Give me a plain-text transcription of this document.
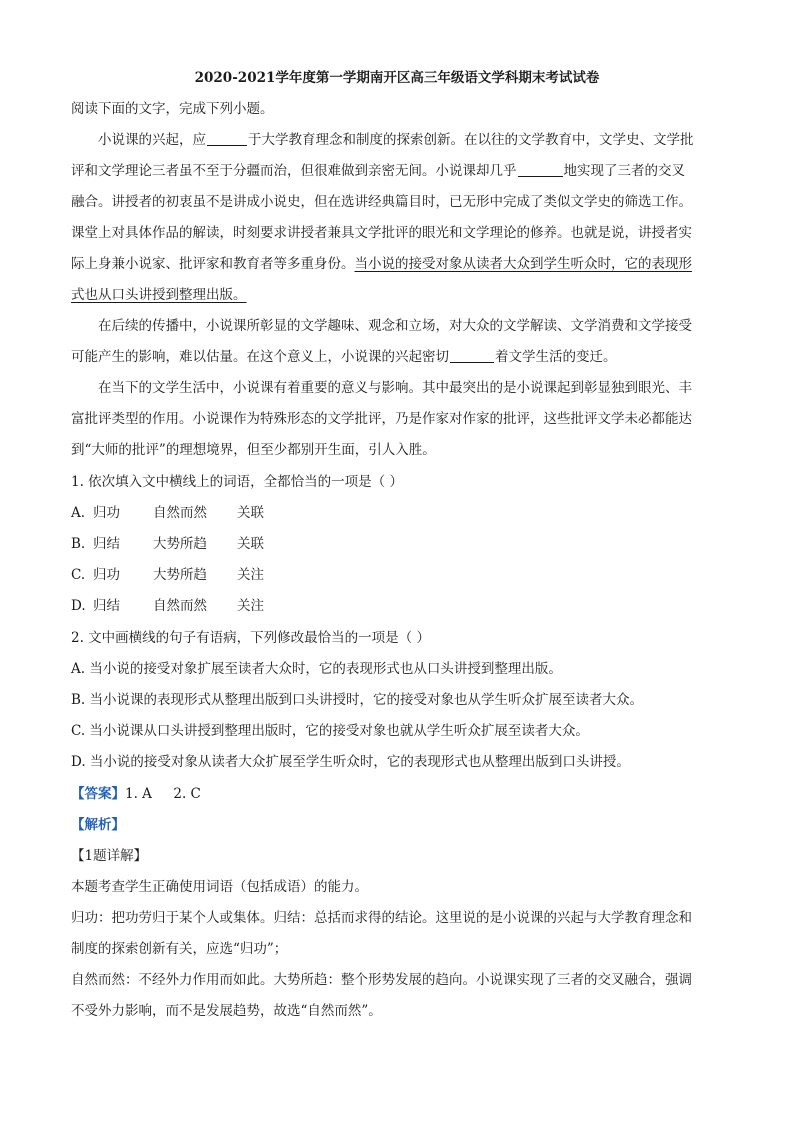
2020-2021学年度第一学期南开区高三年级语文学科期末考试试卷
阅读下面的文字，完成下列小题。
小说课的兴起，应	于大学教育理念和制度的探索创新。在以往的文学教育中，文学史、文学批
评和文学理论三者虽不至于分疆而治，但很难做到亲密无间。小说课却几乎	地实现了三者的交叉
融合。讲授者的初衷虽不是讲成小说史，但在选讲经典篇目时，已无形中完成了类似文学史的筛选工作。
课堂上对具体作品的解读，时刻要求讲授者兼具文学批评的眼光和文学理论的修养。也就是说，讲授者实
际上身兼小说家、批评家和教育者等多重身份。当小说的接受对象从读者大众到学生听众时，它的表现形
式也从口头讲授到整理出版。
在后续的传播中，小说课所彰显的文学趣味、观念和立场，对大众的文学解读、文学消费和文学接受
可能产生的影响，难以估量。在这个意义上，小说课的兴起密切	着文学生活的变迁。
在当下的文学生活中，小说课有着重要的意义与影响。其中最突出的是小说课起到彰显独到眼光、丰
富批评类型的作用。小说课作为特殊形态的文学批评，乃是作家对作家的批评，这些批评文学未必都能达
到“大师的批评”的理想境界，但至少都别开生面，引人入胜。
1. 依次填入文中横线上的词语，全都恰当的一项是（ ）
A. 归功 自然而然 关联
B. 归结 大势所趋 关联
C. 归功 大势所趋 关注
D. 归结 自然而然 关注
2. 文中画横线的句子有语病，下列修改最恰当的一项是（ ）
A. 当小说的接受对象扩展至读者大众时，它的表现形式也从口头讲授到整理出版。
B. 当小说课的表现形式从整理出版到口头讲授时，它的接受对象也从学生听众扩展至读者大众。
C. 当小说课从口头讲授到整理出版时，它的接受对象也就从学生听众扩展至读者大众。
D. 当小说的接受对象从读者大众扩展至学生听众时，它的表现形式也从整理出版到口头讲授。
【答案】1. A     2. C
【解析】
【1题详解】
本题考查学生正确使用词语（包括成语）的能力。
归功：把功劳归于某个人或集体。归结：总括而求得的结论。这里说的是小说课的兴起与大学教育理念和
制度的探索创新有关，应选“归功”；
自然而然：不经外力作用而如此。大势所趋：整个形势发展的趋向。小说课实现了三者的交叉融合，强调
不受外力影响，而不是发展趋势，故选“自然而然”。
